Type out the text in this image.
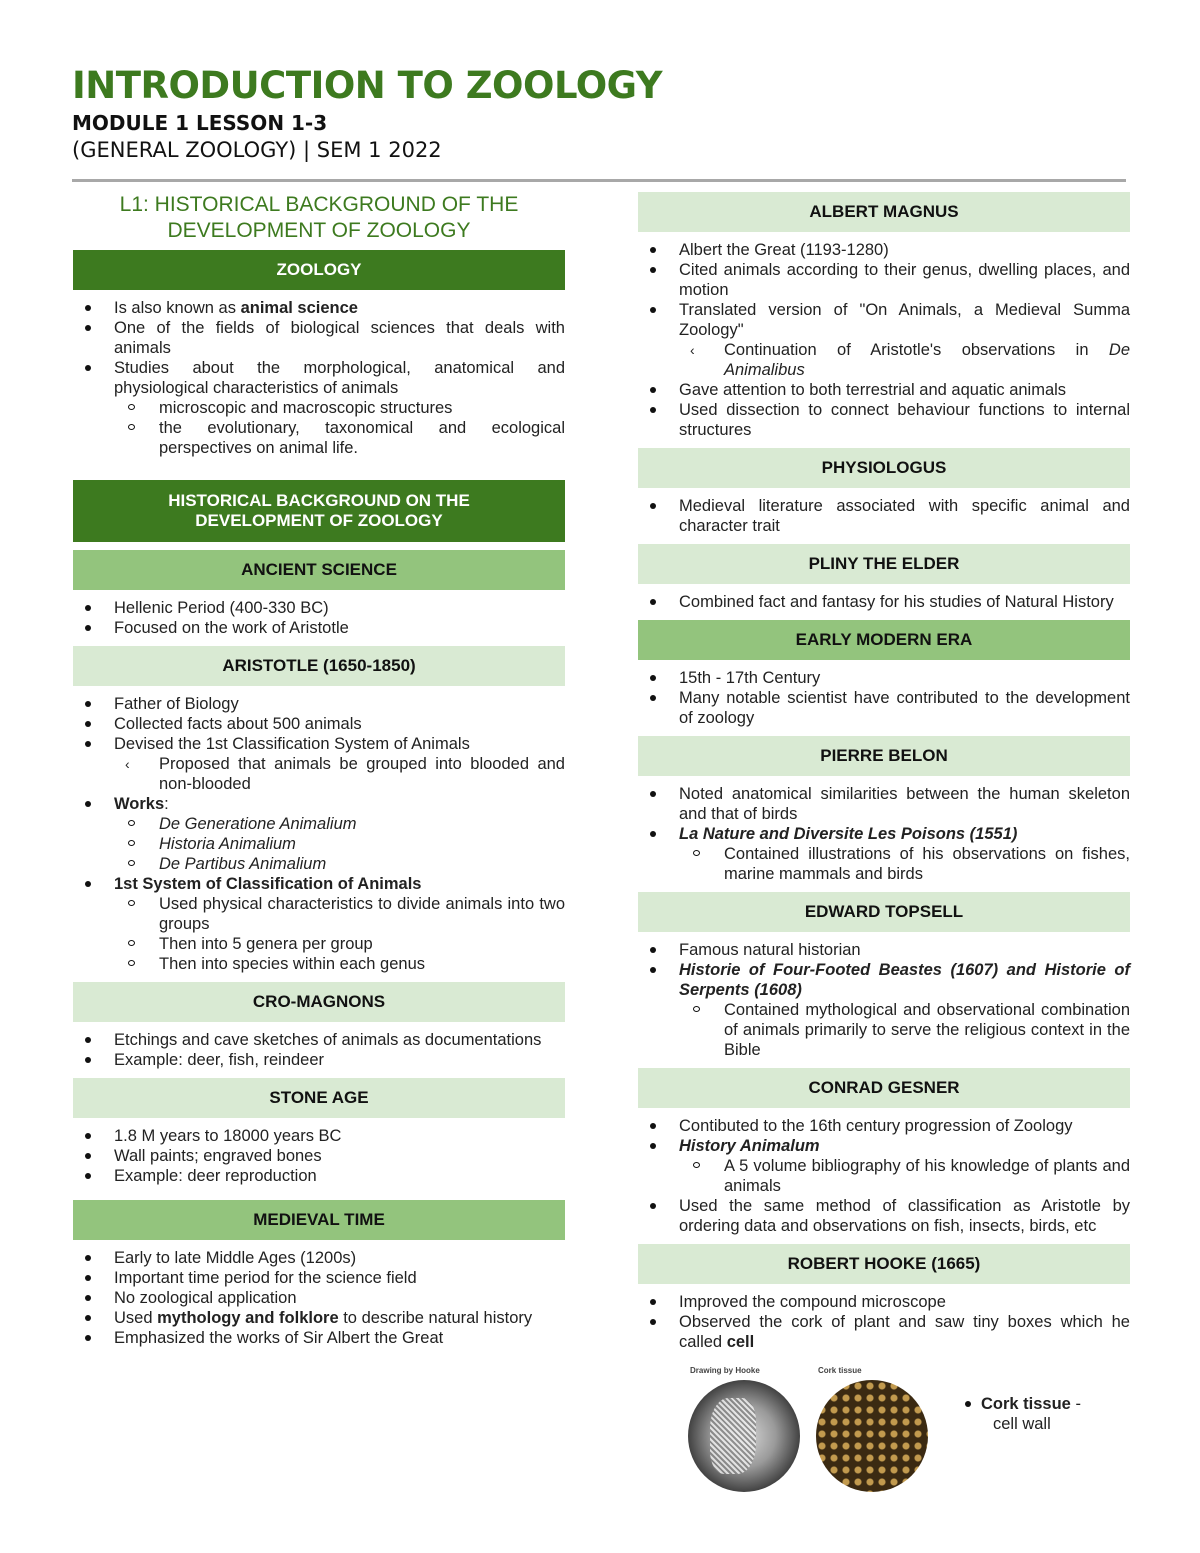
INTRODUCTION TO ZOOLOGY
MODULE 1 LESSON 1-3
(GENERAL ZOOLOGY) | SEM 1 2022
L1: HISTORICAL BACKGROUND OF THE DEVELOPMENT OF ZOOLOGY
ZOOLOGY
Is also known as animal science
One of the fields of biological sciences that deals with animals
Studies about the morphological, anatomical and physiological characteristics of animals
microscopic and macroscopic structures
the evolutionary, taxonomical and ecological perspectives on animal life.
HISTORICAL BACKGROUND ON THE DEVELOPMENT OF ZOOLOGY
ANCIENT SCIENCE
Hellenic Period (400-330 BC)
Focused on the work of Aristotle
ARISTOTLE (1650-1850)
Father of Biology
Collected facts about 500 animals
Devised the 1st Classification System of Animals
‹ Proposed that animals be grouped into blooded and non-blooded
Works:
De Generatione Animalium
Historia Animalium
De Partibus Animalium
1st System of Classification of Animals
Used physical characteristics to divide animals into two groups
Then into 5 genera per group
Then into species within each genus
CRO-MAGNONS
Etchings and cave sketches of animals as documentations
Example: deer, fish, reindeer
STONE AGE
1.8 M years to 18000 years BC
Wall paints; engraved bones
Example: deer reproduction
MEDIEVAL TIME
Early to late Middle Ages (1200s)
Important time period for the science field
No zoological application
Used mythology and folklore to describe natural history
Emphasized the works of Sir Albert the Great
ALBERT MAGNUS
Albert the Great (1193-1280)
Cited animals according to their genus, dwelling places, and motion
Translated version of "On Animals, a Medieval Summa Zoology"
‹ Continuation of Aristotle's observations in De Animalibus
Gave attention to both terrestrial and aquatic animals
Used dissection to connect behaviour functions to internal structures
PHYSIOLOGUS
Medieval literature associated with specific animal and character trait
PLINY THE ELDER
Combined fact and fantasy for his studies of Natural History
EARLY MODERN ERA
15th - 17th Century
Many notable scientist have contributed to the development of zoology
PIERRE BELON
Noted anatomical similarities between the human skeleton and that of birds
La Nature and Diversite Les Poisons (1551)
Contained illustrations of his observations on fishes, marine mammals and birds
EDWARD TOPSELL
Famous natural historian
Historie of Four-Footed Beastes (1607) and Historie of Serpents (1608)
Contained mythological and observational combination of animals primarily to serve the religious context in the Bible
CONRAD GESNER
Contibuted to the 16th century progression of Zoology
History Animalum
A 5 volume bibliography of his knowledge of plants and animals
Used the same method of classification as Aristotle by ordering data and observations on fish, insects, birds, etc
ROBERT HOOKE (1665)
Improved the compound microscope
Observed the cork of plant and saw tiny boxes which he called cell
Drawing by Hooke	Cork tissue
Cork tissue -
cell wall
